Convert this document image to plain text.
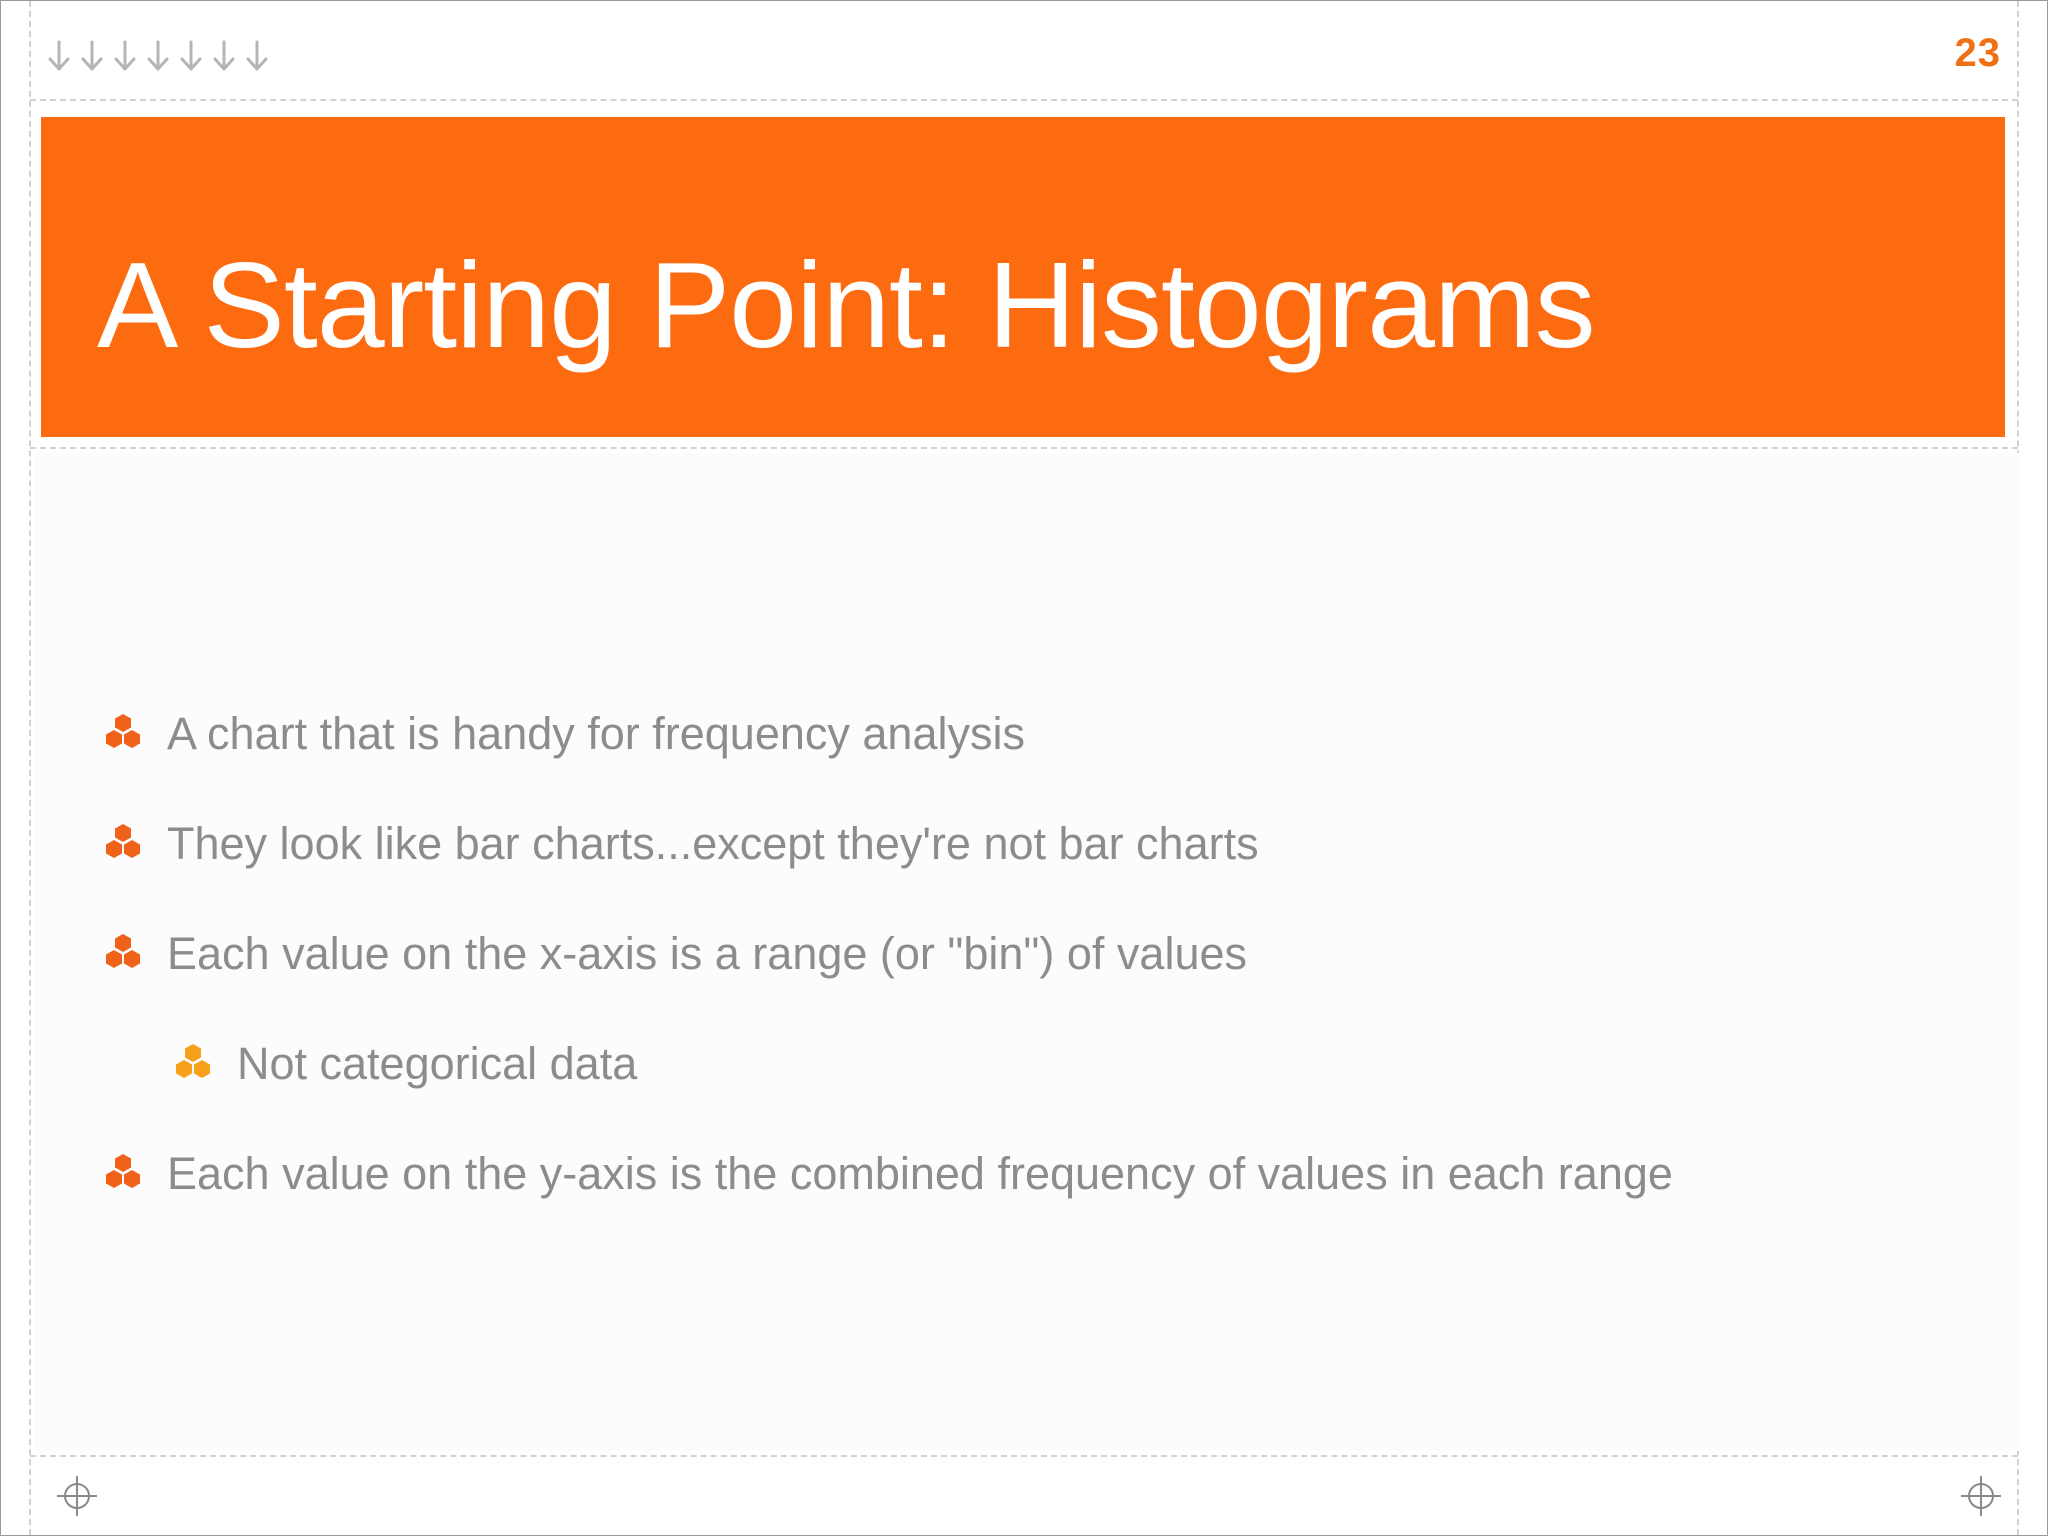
23
A Starting Point: Histograms
A chart that is handy for frequency analysis
They look like bar charts...except they're not bar charts
Each value on the x-axis is a range (or "bin") of values
Not categorical data
Each value on the y-axis is the combined frequency of values in each range
